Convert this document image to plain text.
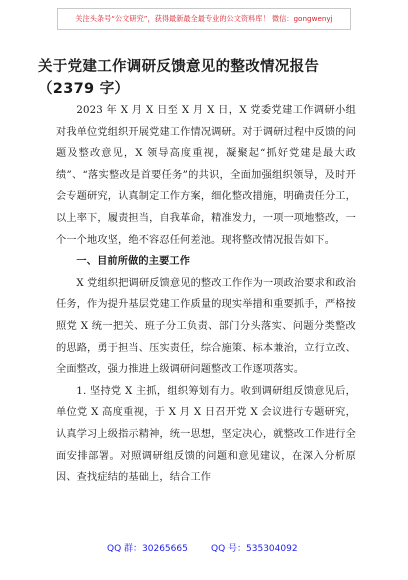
关注头条号“公文研究”，获得最新最全最专业的公文资料库！ 微信：gongwenyj
关于党建工作调研反馈意见的整改情况报告
（2379 字）

2023 年 X 月 X 日至 X 月 X 日，X 党委党建工作调研小组对我单位党组织开展党建工作情况调研。对于调研过程中反馈的问题及整改意见，X 领导高度重视，凝聚起“抓好党建是最大政绩”、“落实整改是首要任务”的共识，全面加强组织领导，及时开会专题研究，认真制定工作方案，细化整改措施，明确责任分工，以上率下，履责担当，自我革命，精准发力，一项一项地整改，一个一个地攻坚，绝不容忍任何差池。现将整改情况报告如下。

一、目前所做的主要工作

X 党组织把调研反馈意见的整改工作作为一项政治要求和政治任务，作为提升基层党建工作质量的现实举措和重要抓手，严格按照党 X 统一把关、班子分工负责、部门分头落实、问题分类整改的思路，勇于担当、压实责任，综合施策、标本兼治，立行立改、全面整改，强力推进上级调研问题整改工作逐项落实。

1. 坚持党 X 主抓，组织筹划有力。收到调研组反馈意见后，单位党 X 高度重视，于 X 月 X 日召开党 X 会议进行专题研究，认真学习上级指示精神，统一思想，坚定决心，就整改工作进行全面安排部署。对照调研组反馈的问题和意见建议，在深入分析原因、查找症结的基础上，结合工作

QQ 群：30265665	QQ 号：535304092
